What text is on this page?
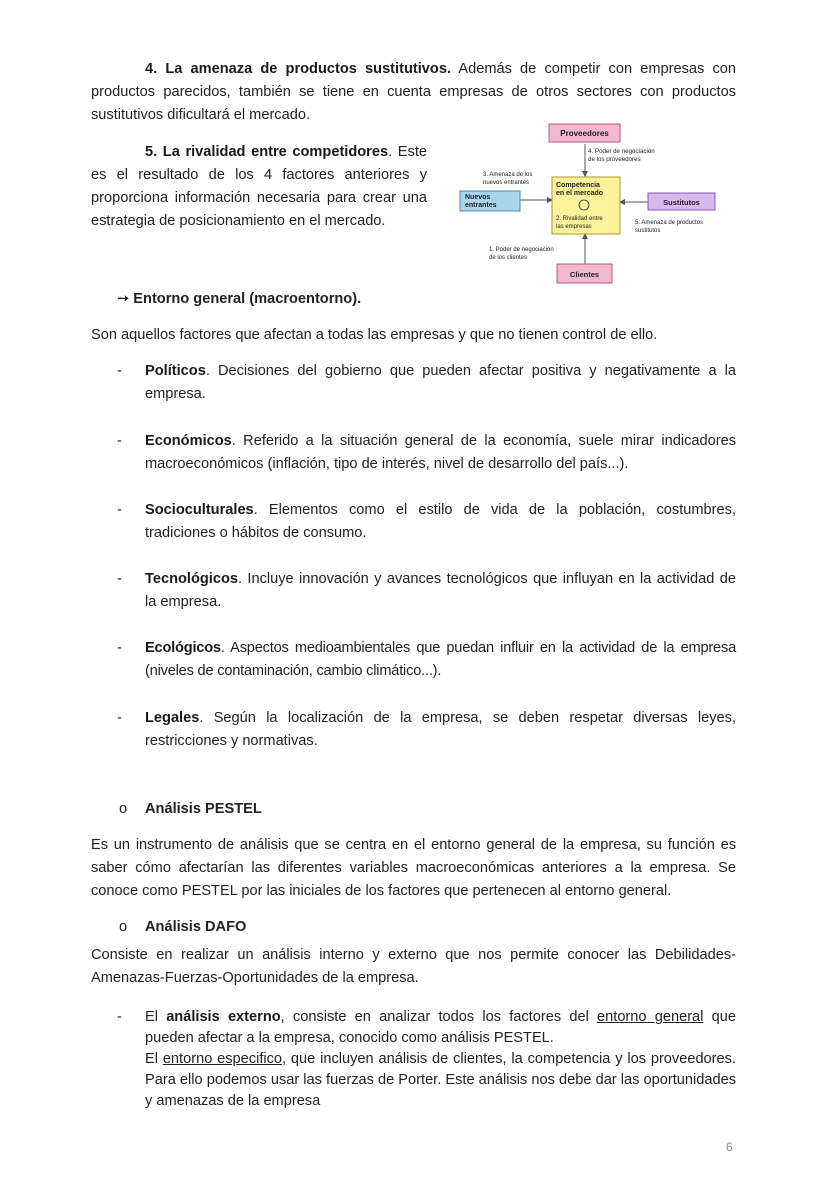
4. La amenaza de productos sustitutivos. Además de competir con empresas con productos parecidos, también se tiene en cuenta empresas de otros sectores con productos sustitutivos dificultará el mercado.

5. La rivalidad entre competidores. Este es el resultado de los 4 factores anteriores y proporciona información necesaria para crear una estrategia de posicionamiento en el mercado.

Proveedores
4. Poder de negociación
de los proveedores
3. Amenaza de los
nuevos entrantes	Competencia
en el mercado
2. Rivalidad entre
las empresas
Nuevos
entrantes	Sustitutos
5. Amenaza de productos
sustitutos
1. Poder de negociación
de los clientes
Clientes
➙ Entorno general (macroentorno).

Son aquellos factores que afectan a todas las empresas y que no tienen control de ello.

-	Políticos. Decisiones del gobierno que pueden afectar positiva y negativamente a la empresa.

-	Económicos. Referido a la situación general de la economía, suele mirar indicadores macroeconómicos (inflación, tipo de interés, nivel de desarrollo del país...).

-	Socioculturales. Elementos como el estilo de vida de la población, costumbres, tradiciones o hábitos de consumo.

-	Tecnológicos. Incluye innovación y avances tecnológicos que influyan en la actividad de la empresa.

-	Ecológicos. Aspectos medioambientales que puedan influir en la actividad de la empresa (niveles de contaminación, cambio climático...).

-	Legales. Según la localización de la empresa, se deben respetar diversas leyes, restricciones y normativas.

o Análisis PESTEL

Es un instrumento de análisis que se centra en el entorno general de la empresa, su función es saber cómo afectarían las diferentes variables macroeconómicas anteriores a la empresa. Se conoce como PESTEL por las iniciales de los factores que pertenecen al entorno general.

o Análisis DAFO

Consiste en realizar un análisis interno y externo que nos permite conocer las Debilidades-Amenazas-Fuerzas-Oportunidades de la empresa.

-	El análisis externo, consiste en analizar todos los factores del entorno general que pueden afectar a la empresa, conocido como análisis PESTEL.

El entorno especifico, que incluyen análisis de clientes, la competencia y los proveedores. Para ello podemos usar las fuerzas de Porter. Este análisis nos debe dar las oportunidades y amenazas de la empresa

6
